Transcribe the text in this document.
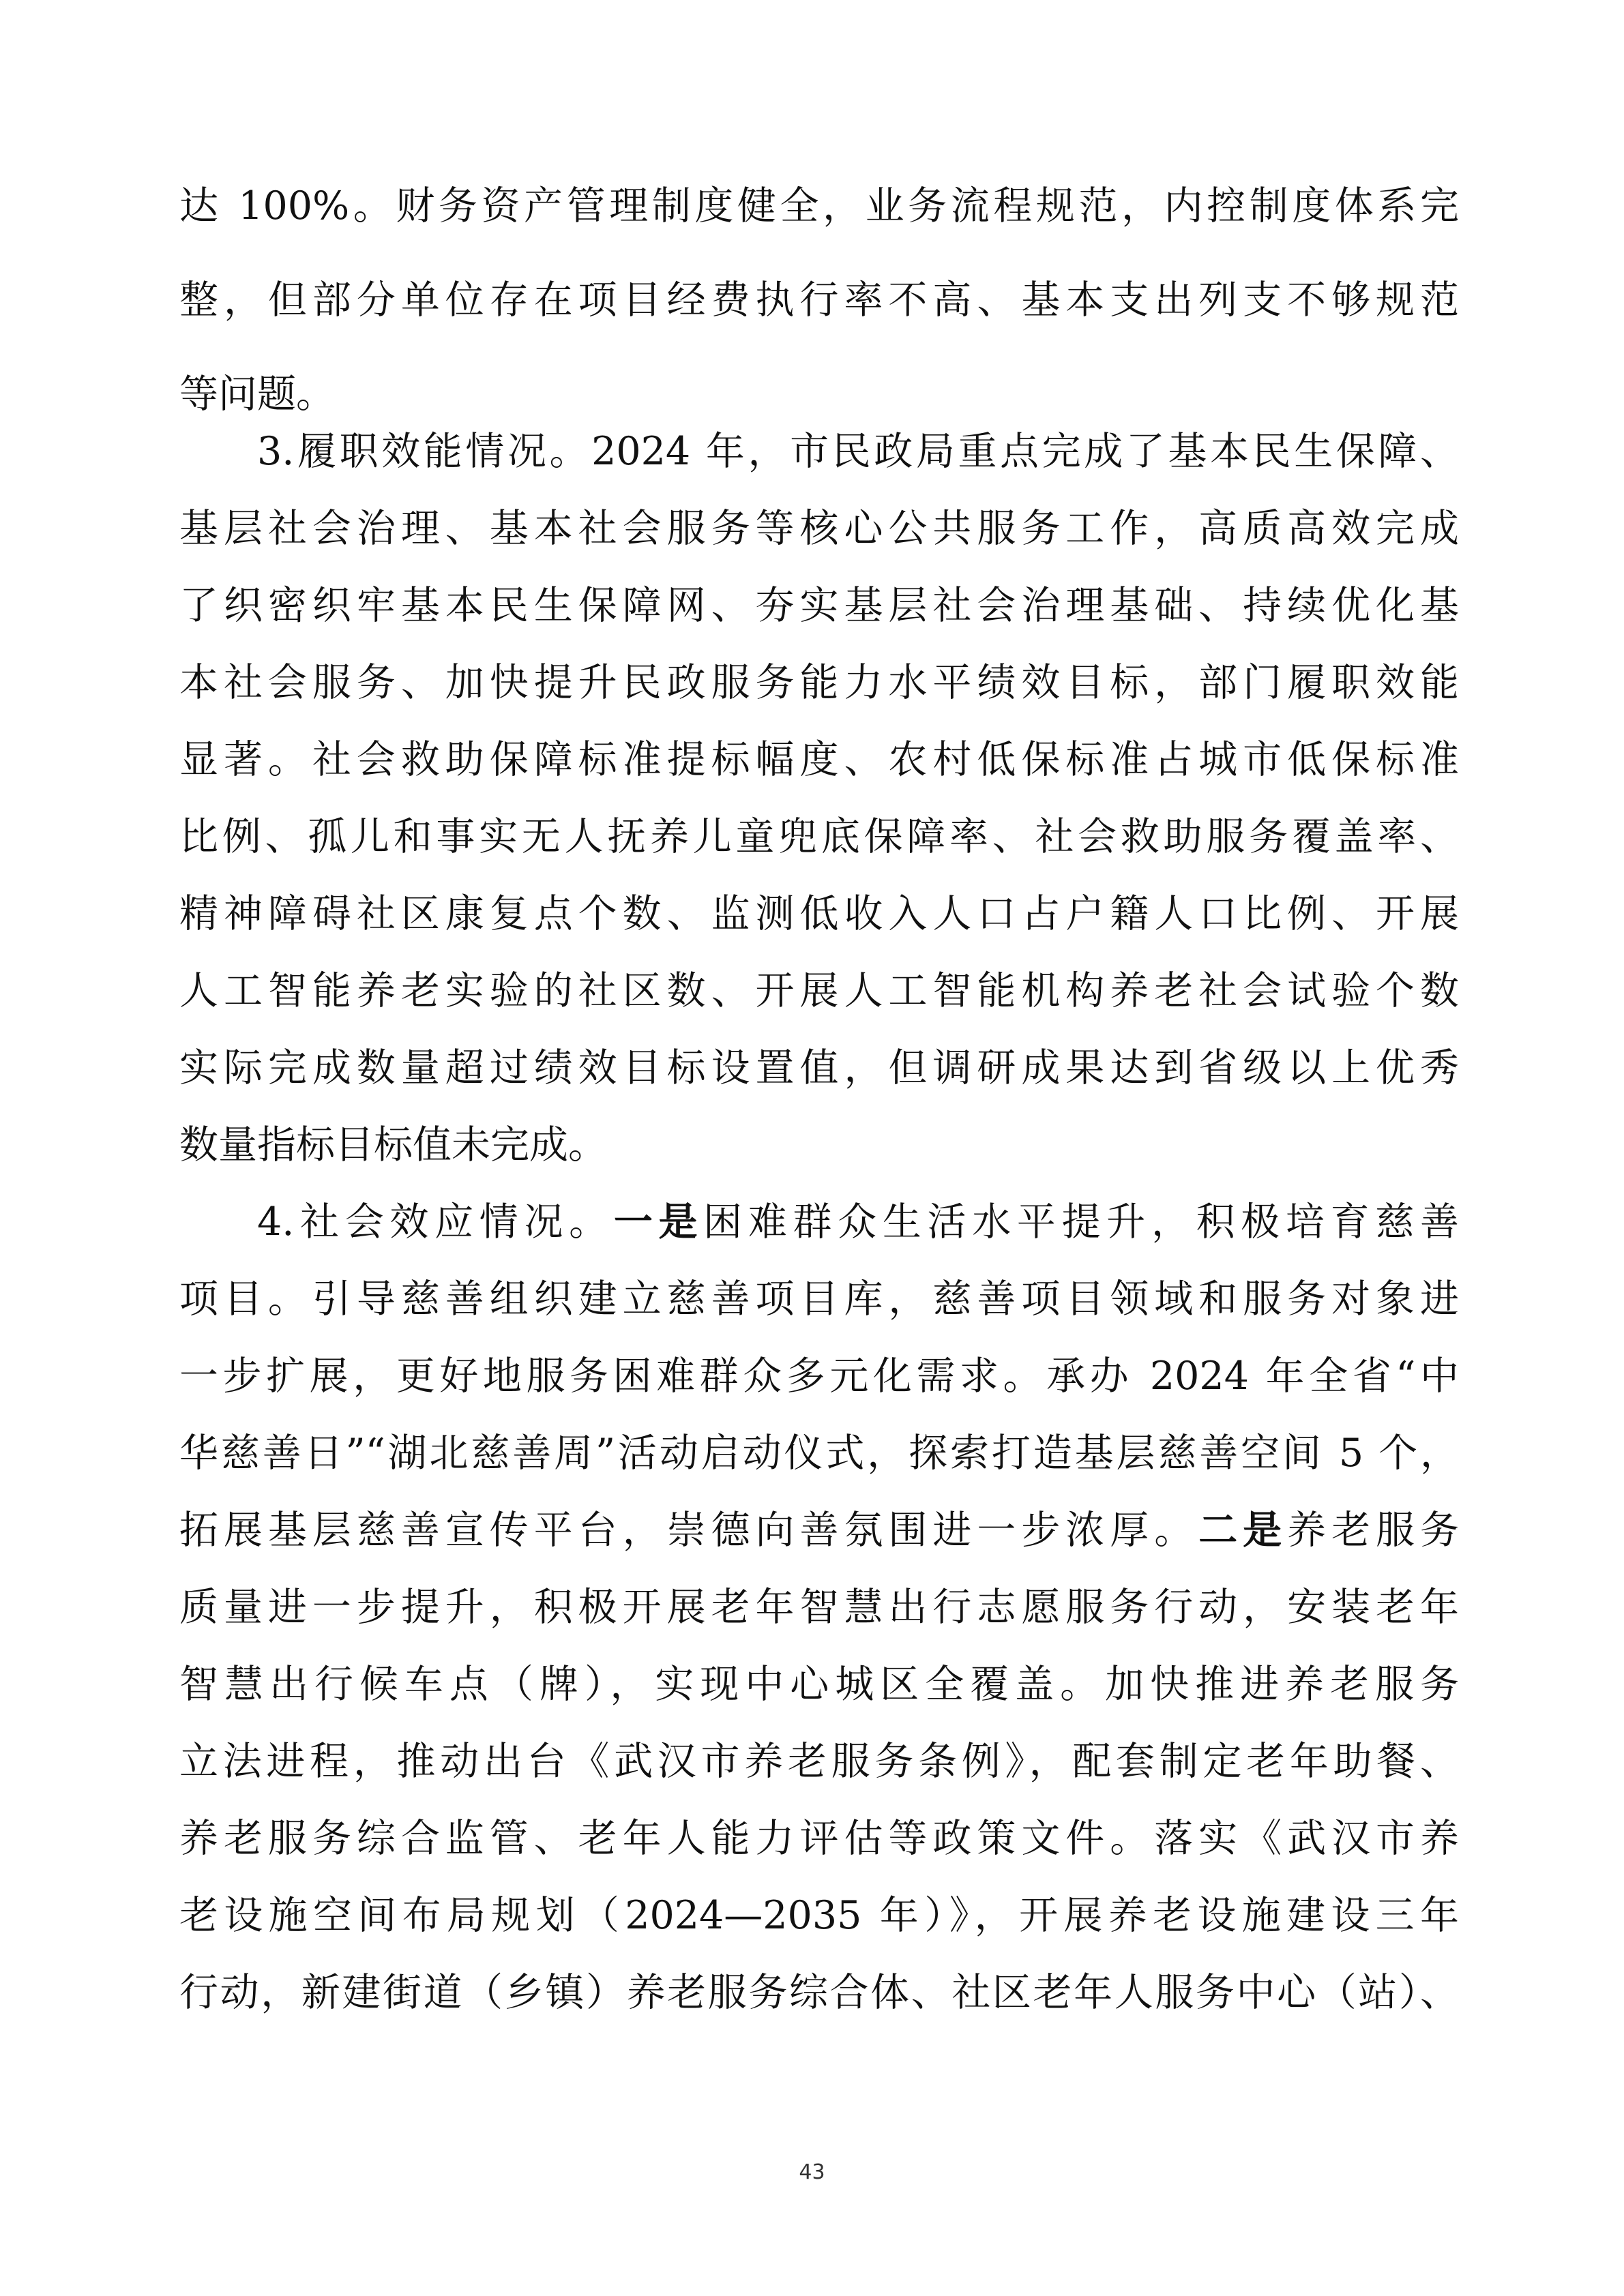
达 100%。财务资产管理制度健全，业务流程规范，内控制度体系完
整，但部分单位存在项目经费执行率不高、基本支出列支不够规范
等问题。
3.履职效能情况。2024 年，市民政局重点完成了基本民生保障、
基层社会治理、基本社会服务等核心公共服务工作，高质高效完成
了织密织牢基本民生保障网、夯实基层社会治理基础、持续优化基
本社会服务、加快提升民政服务能力水平绩效目标，部门履职效能
显著。社会救助保障标准提标幅度、农村低保标准占城市低保标准
比例、孤儿和事实无人抚养儿童兜底保障率、社会救助服务覆盖率、
精神障碍社区康复点个数、监测低收入人口占户籍人口比例、开展
人工智能养老实验的社区数、开展人工智能机构养老社会试验个数
实际完成数量超过绩效目标设置值，但调研成果达到省级以上优秀
数量指标目标值未完成。
4.社会效应情况。一是困难群众生活水平提升，积极培育慈善
项目。引导慈善组织建立慈善项目库，慈善项目领域和服务对象进
一步扩展，更好地服务困难群众多元化需求。承办 2024 年全省“中
华慈善日”“湖北慈善周”活动启动仪式，探索打造基层慈善空间 5 个，
拓展基层慈善宣传平台，崇德向善氛围进一步浓厚。二是养老服务
质量进一步提升，积极开展老年智慧出行志愿服务行动，安装老年
智慧出行候车点（牌），实现中心城区全覆盖。加快推进养老服务
立法进程，推动出台《武汉市养老服务条例》，配套制定老年助餐、
养老服务综合监管、老年人能力评估等政策文件。落实《武汉市养
老设施空间布局规划（2024—2035 年）》，开展养老设施建设三年
行动，新建街道（乡镇）养老服务综合体、社区老年人服务中心（站）、
43
